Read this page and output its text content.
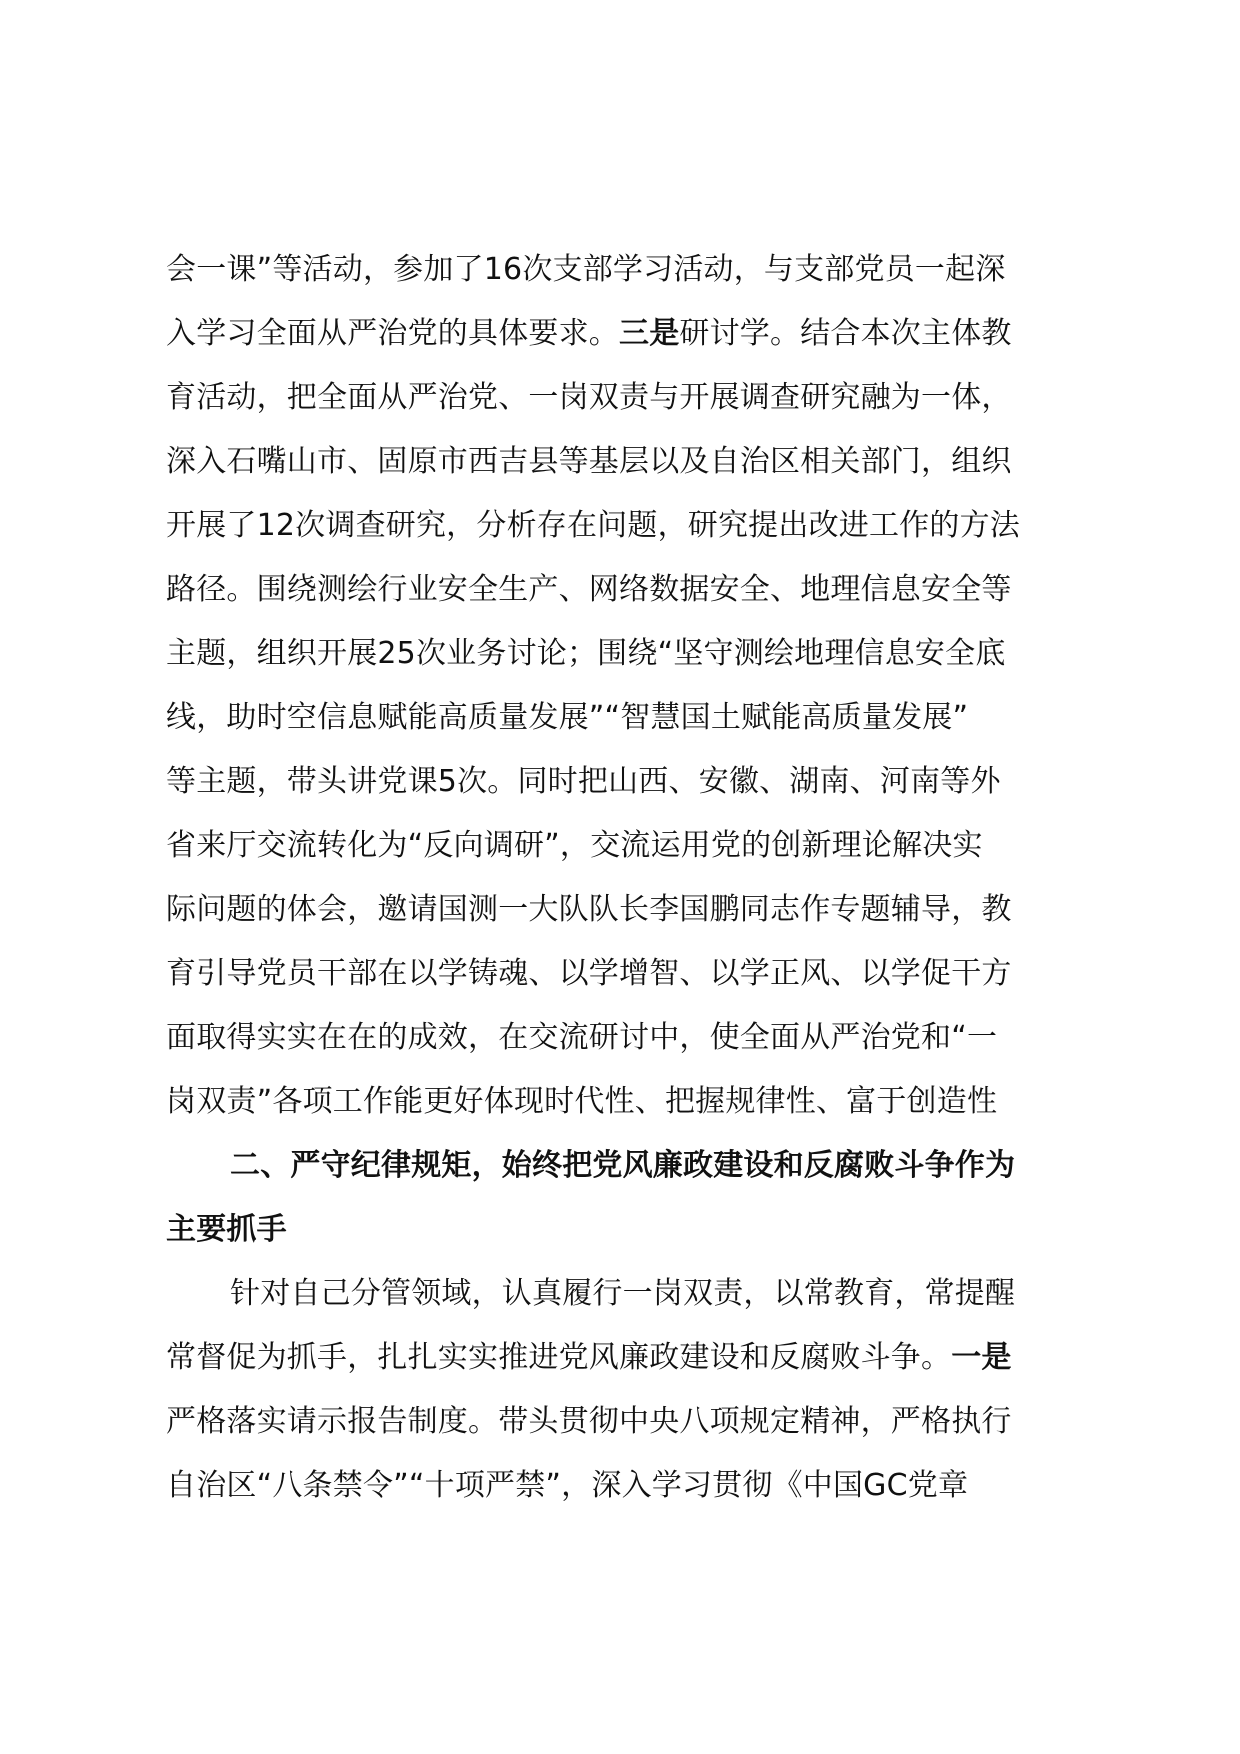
会一课”等活动，参加了16次支部学习活动，与支部党员一起深
入学习全面从严治党的具体要求。三是研讨学。结合本次主体教
育活动，把全面从严治党、一岗双责与开展调查研究融为一体，
深入石嘴山市、固原市西吉县等基层以及自治区相关部门，组织
开展了12次调查研究，分析存在问题，研究提出改进工作的方法
路径。围绕测绘行业安全生产、网络数据安全、地理信息安全等
主题，组织开展25次业务讨论；围绕“坚守测绘地理信息安全底
线，助时空信息赋能高质量发展”“智慧国土赋能高质量发展”
等主题，带头讲党课5次。同时把山西、安徽、湖南、河南等外
省来厅交流转化为“反向调研”，交流运用党的创新理论解决实
际问题的体会，邀请国测一大队队长李国鹏同志作专题辅导，教
育引导党员干部在以学铸魂、以学增智、以学正风、以学促干方
面取得实实在在的成效，在交流研讨中，使全面从严治党和“一
岗双责”各项工作能更好体现时代性、把握规律性、富于创造性
二、严守纪律规矩，始终把党风廉政建设和反腐败斗争作为
主要抓手
针对自己分管领域，认真履行一岗双责，以常教育，常提醒
常督促为抓手，扎扎实实推进党风廉政建设和反腐败斗争。一是
严格落实请示报告制度。带头贯彻中央八项规定精神，严格执行
自治区“八条禁令”“十项严禁”，深入学习贯彻《中国GC党章
